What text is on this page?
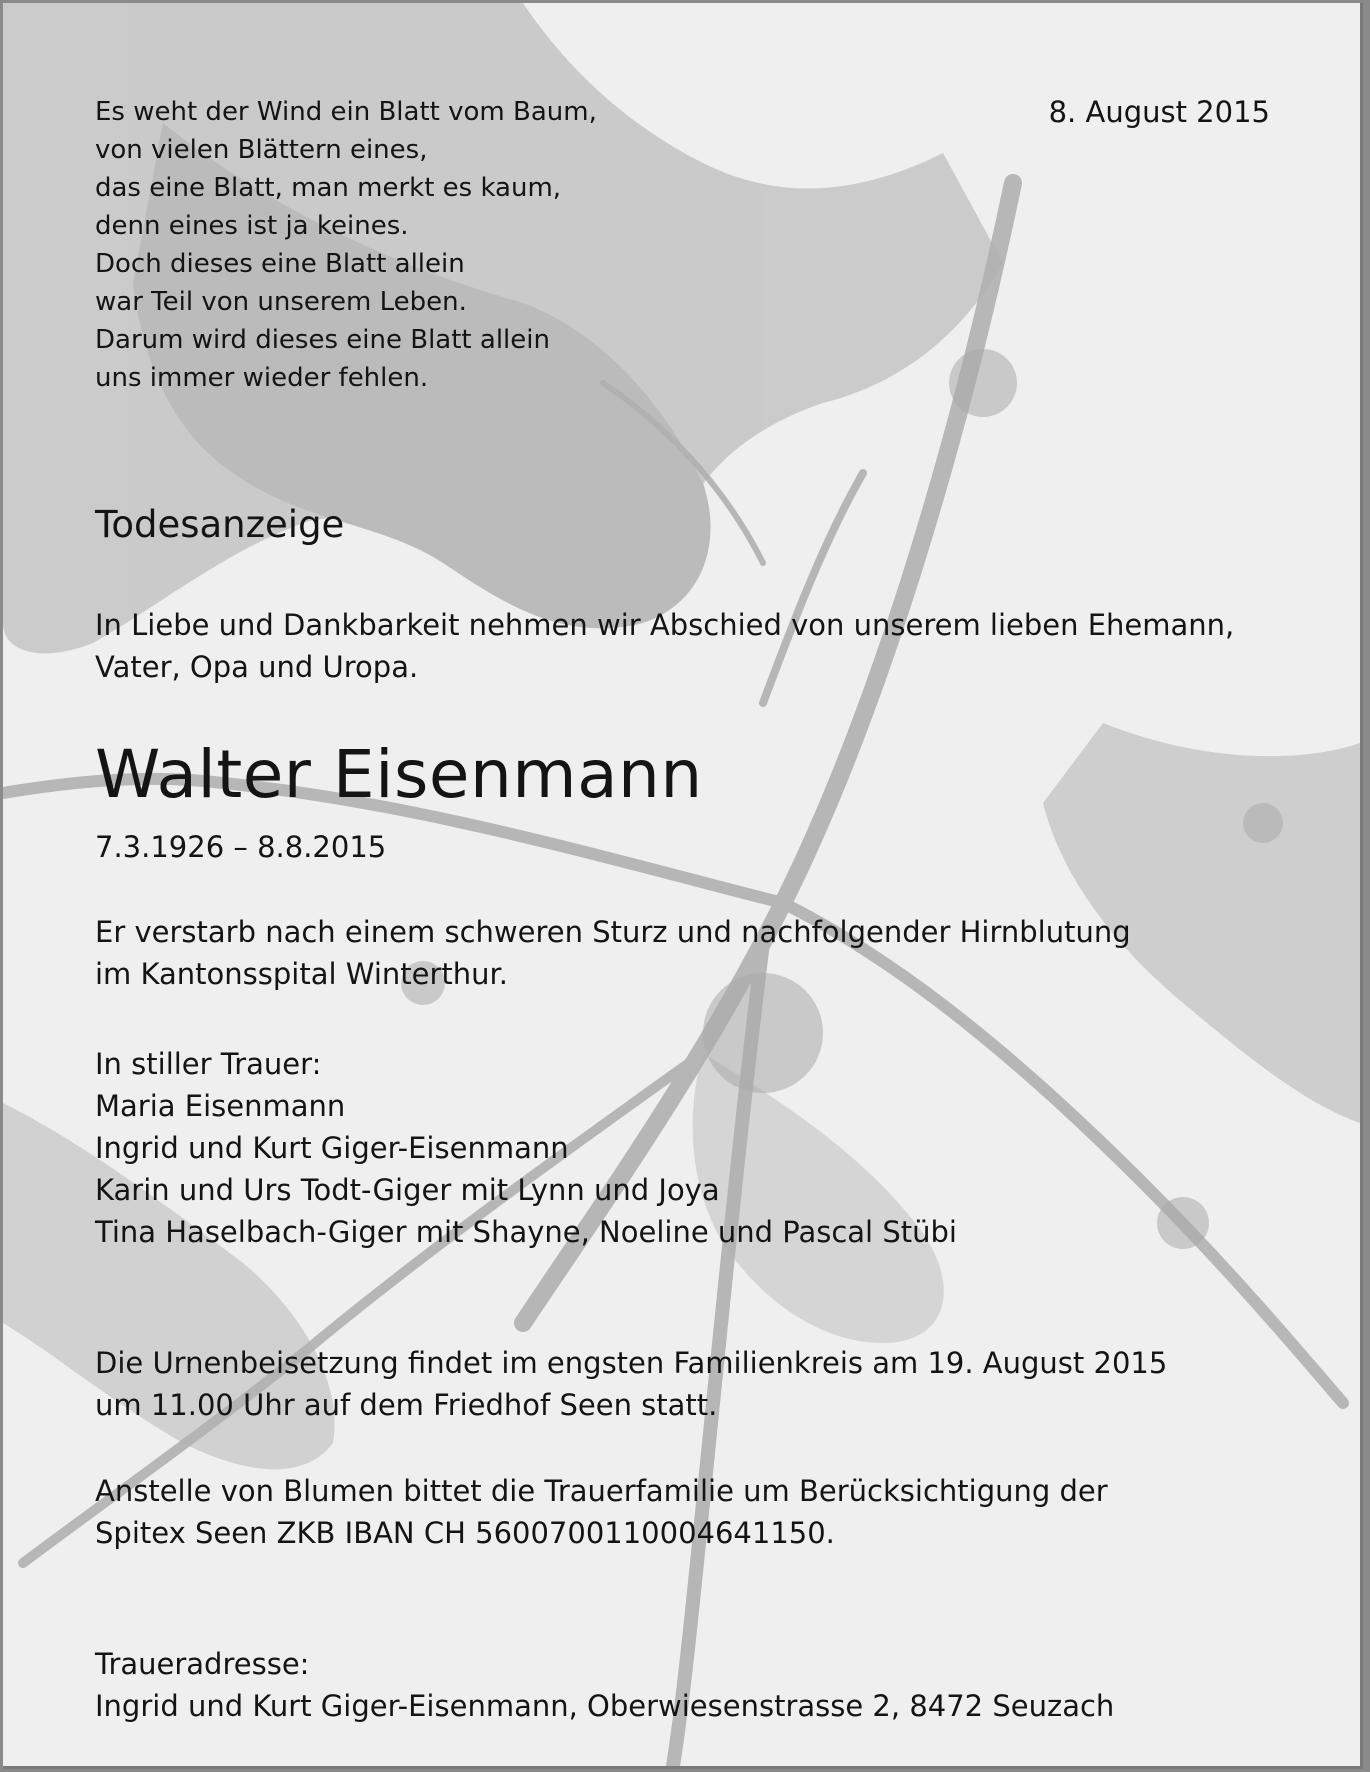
Es weht der Wind ein Blatt vom Baum,
von vielen Blättern eines,
das eine Blatt, man merkt es kaum,
denn eines ist ja keines.
Doch dieses eine Blatt allein
war Teil von unserem Leben.
Darum wird dieses eine Blatt allein
uns immer wieder fehlen.
8. August 2015
Todesanzeige
In Liebe und Dankbarkeit nehmen wir Abschied von unserem lieben Ehemann,
Vater, Opa und Uropa.
Walter Eisenmann
7.3.1926 – 8.8.2015
Er verstarb nach einem schweren Sturz und nachfolgender Hirnblutung
im Kantonsspital Winterthur.
In stiller Trauer:
Maria Eisenmann
Ingrid und Kurt Giger-Eisenmann
Karin und Urs Todt-Giger mit Lynn und Joya
Tina Haselbach-Giger mit Shayne, Noeline und Pascal Stübi
Die Urnenbeisetzung findet im engsten Familienkreis am 19. August 2015
um 11.00 Uhr auf dem Friedhof Seen statt.
Anstelle von Blumen bittet die Trauerfamilie um Berücksichtigung der
Spitex Seen ZKB IBAN CH 5600700110004641150.
Traueradresse:
Ingrid und Kurt Giger-Eisenmann, Oberwiesenstrasse 2, 8472 Seuzach
